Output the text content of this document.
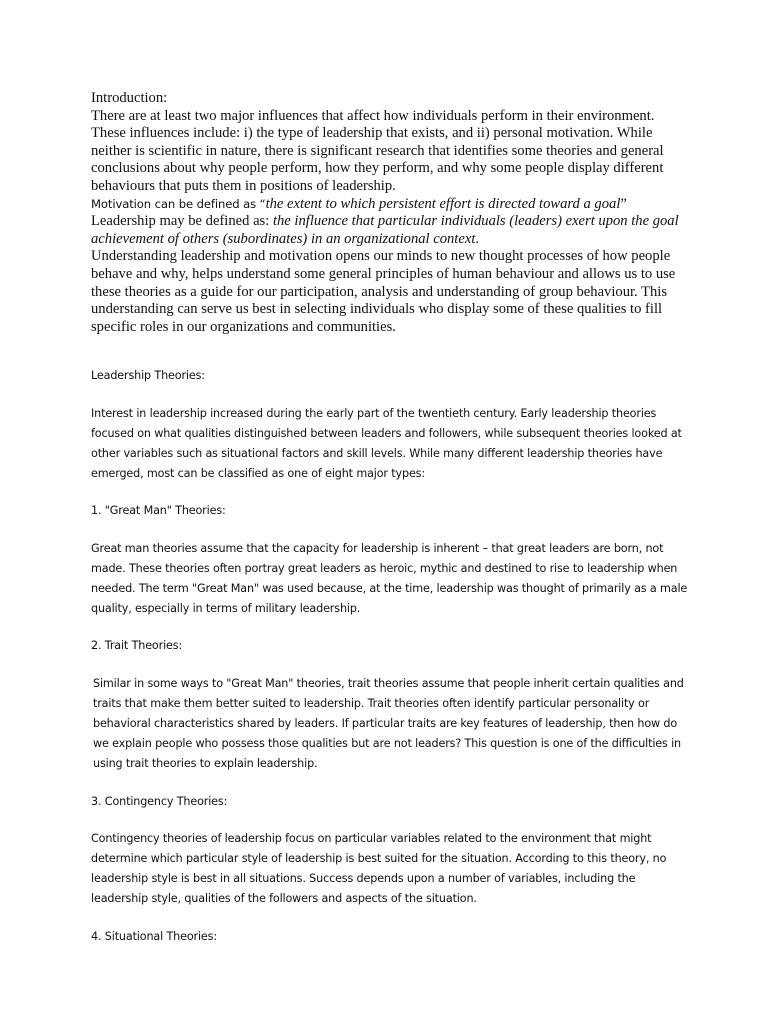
Introduction:

There are at least two major influences that affect how individuals perform in their environment. These influences include: i) the type of leadership that exists, and ii) personal motivation. While neither is scientific in nature, there is significant research that identifies some theories and general conclusions about why people perform, how they perform, and why some people display different behaviours that puts them in positions of leadership.

Motivation can be defined as “the extent to which persistent effort is directed toward a goal”

Leadership may be defined as: the influence that particular individuals (leaders) exert upon the goal achievement of others (subordinates) in an organizational context.

Understanding leadership and motivation opens our minds to new thought processes of how people behave and why, helps understand some general principles of human behaviour and allows us to use these theories as a guide for our participation, analysis and understanding of group behaviour. This understanding can serve us best in selecting individuals who display some of these qualities to fill specific roles in our organizations and communities.

Leadership Theories:

Interest in leadership increased during the early part of the twentieth century. Early leadership theories focused on what qualities distinguished between leaders and followers, while subsequent theories looked at other variables such as situational factors and skill levels. While many different leadership theories have emerged, most can be classified as one of eight major types:

1. "Great Man" Theories:

Great man theories assume that the capacity for leadership is inherent – that great leaders are born, not made. These theories often portray great leaders as heroic, mythic and destined to rise to leadership when needed. The term "Great Man" was used because, at the time, leadership was thought of primarily as a male quality, especially in terms of military leadership.

2. Trait Theories:

Similar in some ways to "Great Man" theories, trait theories assume that people inherit certain qualities and traits that make them better suited to leadership. Trait theories often identify particular personality or behavioral characteristics shared by leaders. If particular traits are key features of leadership, then how do we explain people who possess those qualities but are not leaders? This question is one of the difficulties in using trait theories to explain leadership.

3. Contingency Theories:

Contingency theories of leadership focus on particular variables related to the environment that might determine which particular style of leadership is best suited for the situation. According to this theory, no leadership style is best in all situations. Success depends upon a number of variables, including the leadership style, qualities of the followers and aspects of the situation.

4. Situational Theories:
